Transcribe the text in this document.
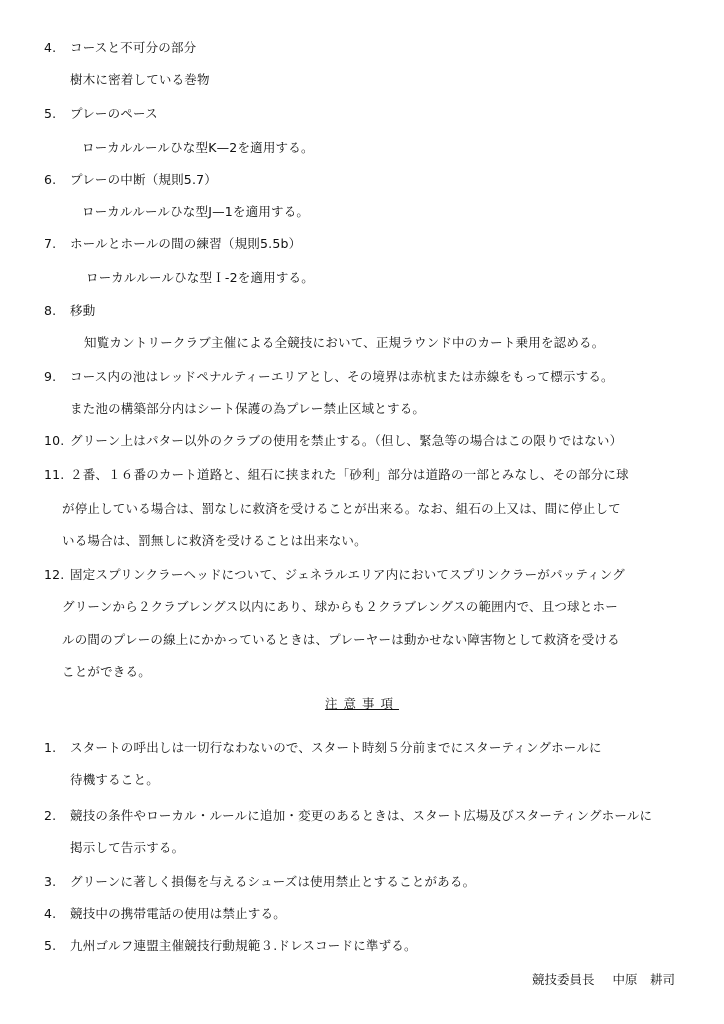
4. コースと不可分の部分
樹木に密着している巻物
5. プレーのペース
ローカルルールひな型K—2を適用する。
6. プレーの中断（規則5.7）
ローカルルールひな型J—1を適用する。
7. ホールとホールの間の練習（規則5.5b）
ローカルルールひな型Ｉ-2を適用する。
8. 移動
知覧カントリークラブ主催による全競技において、正規ラウンド中のカート乗用を認める。
9. コース内の池はレッドペナルティーエリアとし、その境界は赤杭または赤線をもって標示する。
また池の構築部分内はシート保護の為プレー禁止区域とする。
10. グリーン上はパター以外のクラブの使用を禁止する。（但し、緊急等の場合はこの限りではない）
11. ２番、１６番のカート道路と、組石に挟まれた「砂利」部分は道路の一部とみなし、その部分に球
が停止している場合は、罰なしに救済を受けることが出来る。なお、組石の上又は、間に停止して
いる場合は、罰無しに救済を受けることは出来ない。
12. 固定スプリンクラーヘッドについて、ジェネラルエリア内においてスプリンクラーがパッティング
グリーンから２クラブレングス以内にあり、球からも２クラブレングスの範囲内で、且つ球とホー
ルの間のプレーの線上にかかっているときは、プレーヤーは動かせない障害物として救済を受ける
ことができる。
注意事項
1. スタートの呼出しは一切行なわないので、スタート時刻５分前までにスターティングホールに
待機すること。
2. 競技の条件やローカル・ルールに追加・変更のあるときは、スタート広場及びスターティングホールに
掲示して告示する。
3. グリーンに著しく損傷を与えるシューズは使用禁止とすることがある。
4. 競技中の携帯電話の使用は禁止する。
5. 九州ゴルフ連盟主催競技行動規範３.ドレスコードに準ずる。
競技委員長 中原　耕司
